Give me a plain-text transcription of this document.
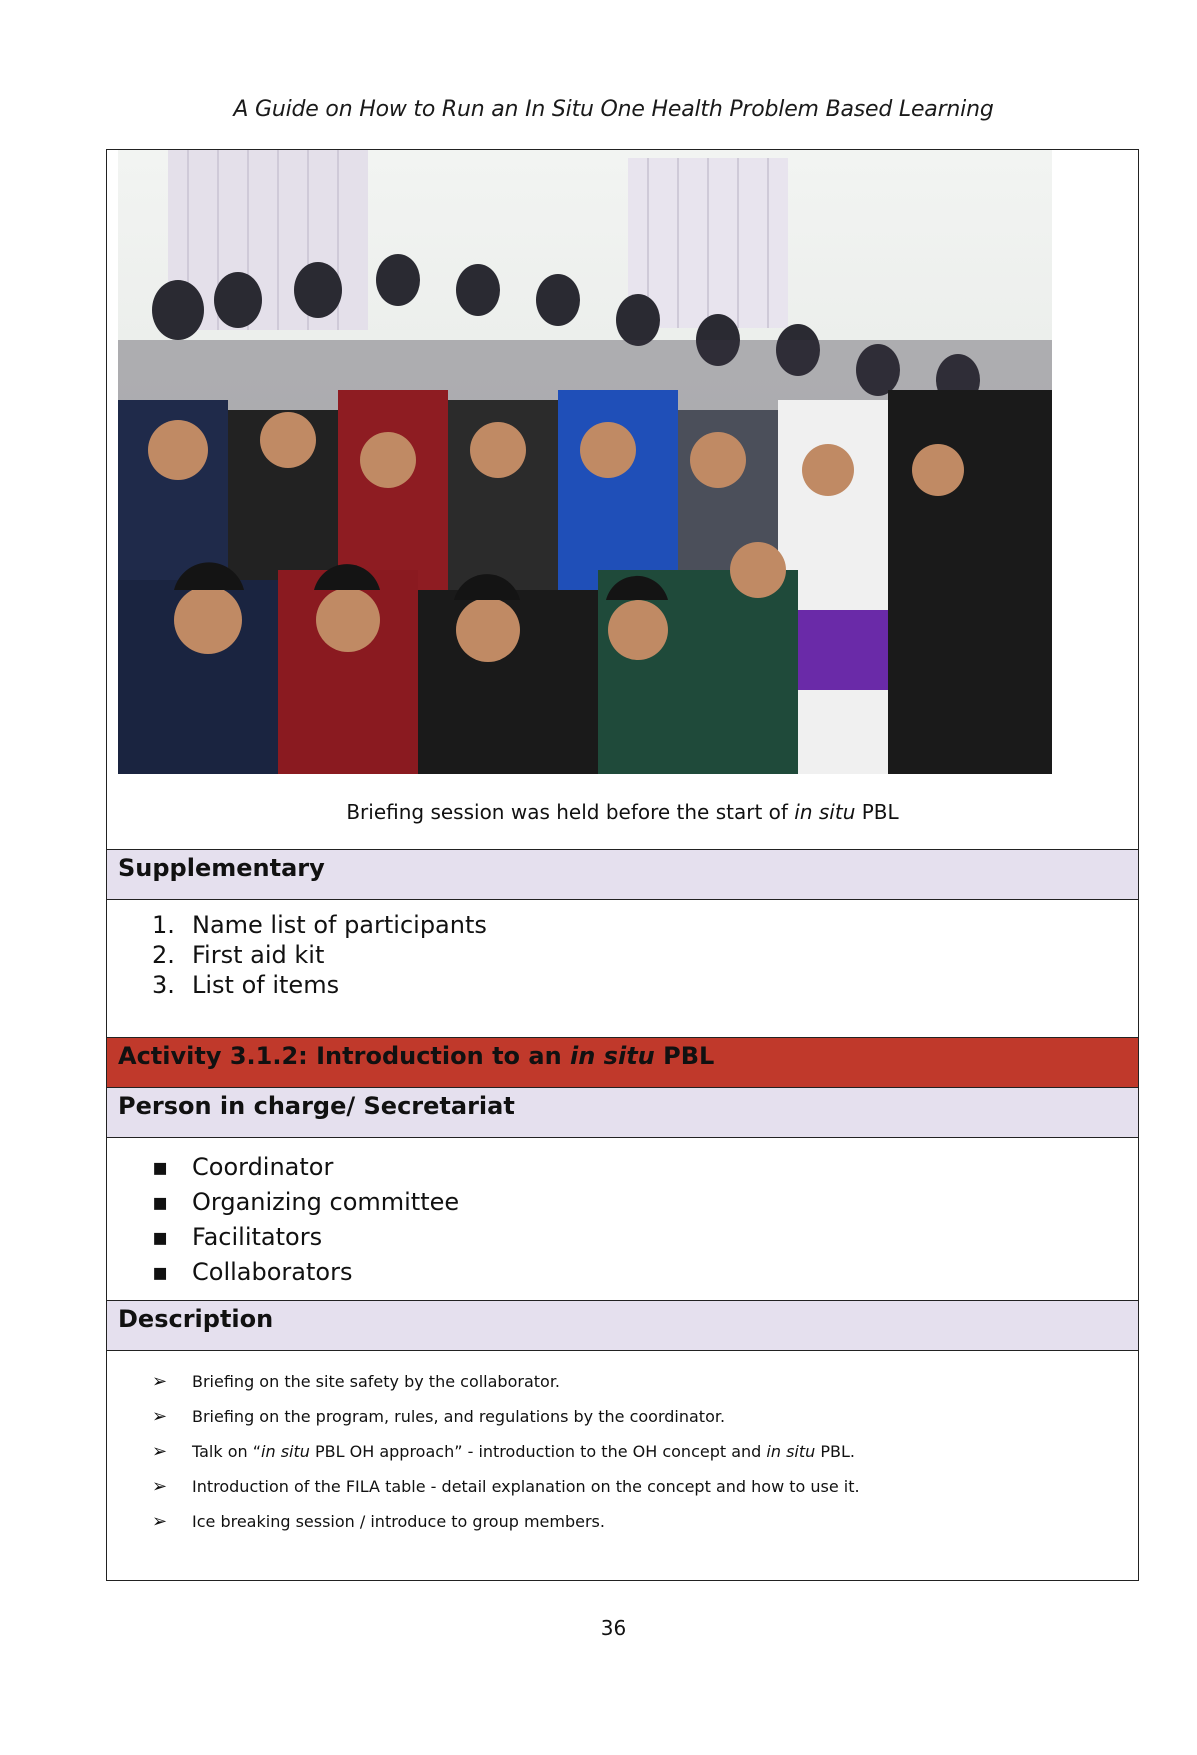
A Guide on How to Run an In Situ One Health Problem Based Learning
Briefing session was held before the start of in situ PBL
Supplementary
1. Name list of participants
2. First aid kit
3. List of items
Activity 3.1.2: Introduction to an in situ PBL
Person in charge/ Secretariat
▪ Coordinator
▪ Organizing committee
▪ Facilitators
▪ Collaborators
Description
➢ Briefing on the site safety by the collaborator.
➢ Briefing on the program, rules, and regulations by the coordinator.
➢ Talk on “in situ PBL OH approach” - introduction to the OH concept and in situ PBL.
➢ Introduction of the FILA table - detail explanation on the concept and how to use it.
➢ Ice breaking session / introduce to group members.
36
